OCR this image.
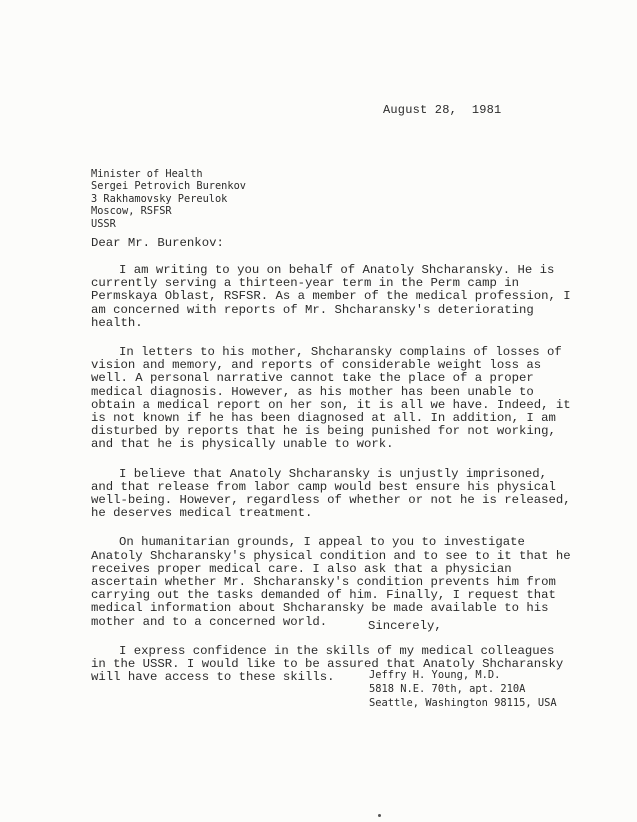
August 28,  1981
Minister of Health
Sergei Petrovich Burenkov
3 Rakhamovsky Pereulok
Moscow, RSFSR
USSR
Dear Mr. Burenkov:

I am writing to you on behalf of Anatoly Shcharansky. He is currently serving a thirteen-year term in the Perm camp in Permskaya Oblast, RSFSR. As a member of the medical profession, I am concerned with reports of Mr. Shcharansky's deteriorating health.

In letters to his mother, Shcharansky complains of losses of vision and memory, and reports of considerable weight loss as well. A personal narrative cannot take the place of a proper medical diagnosis. However, as his mother has been unable to obtain a medical report on her son, it is all we have. Indeed, it is not known if he has been diagnosed at all. In addition, I am disturbed by reports that he is being punished for not working, and that he is physically unable to work.

I believe that Anatoly Shcharansky is unjustly imprisoned, and that release from labor camp would best ensure his physical well-being. However, regardless of whether or not he is released, he deserves medical treatment.

On humanitarian grounds, I appeal to you to investigate Anatoly Shcharansky's physical condition and to see to it that he receives proper medical care. I also ask that a physician ascertain whether Mr. Shcharansky's condition prevents him from carrying out the tasks demanded of him. Finally, I request that medical information about Shcharansky be made available to his mother and to a concerned world.

I express confidence in the skills of my medical colleagues in the USSR. I would like to be assured that Anatoly Shcharansky will have access to these skills.

Sincerely,
Jeffry H. Young, M.D.
5818 N.E. 70th, apt. 210A
Seattle, Washington 98115, USA
